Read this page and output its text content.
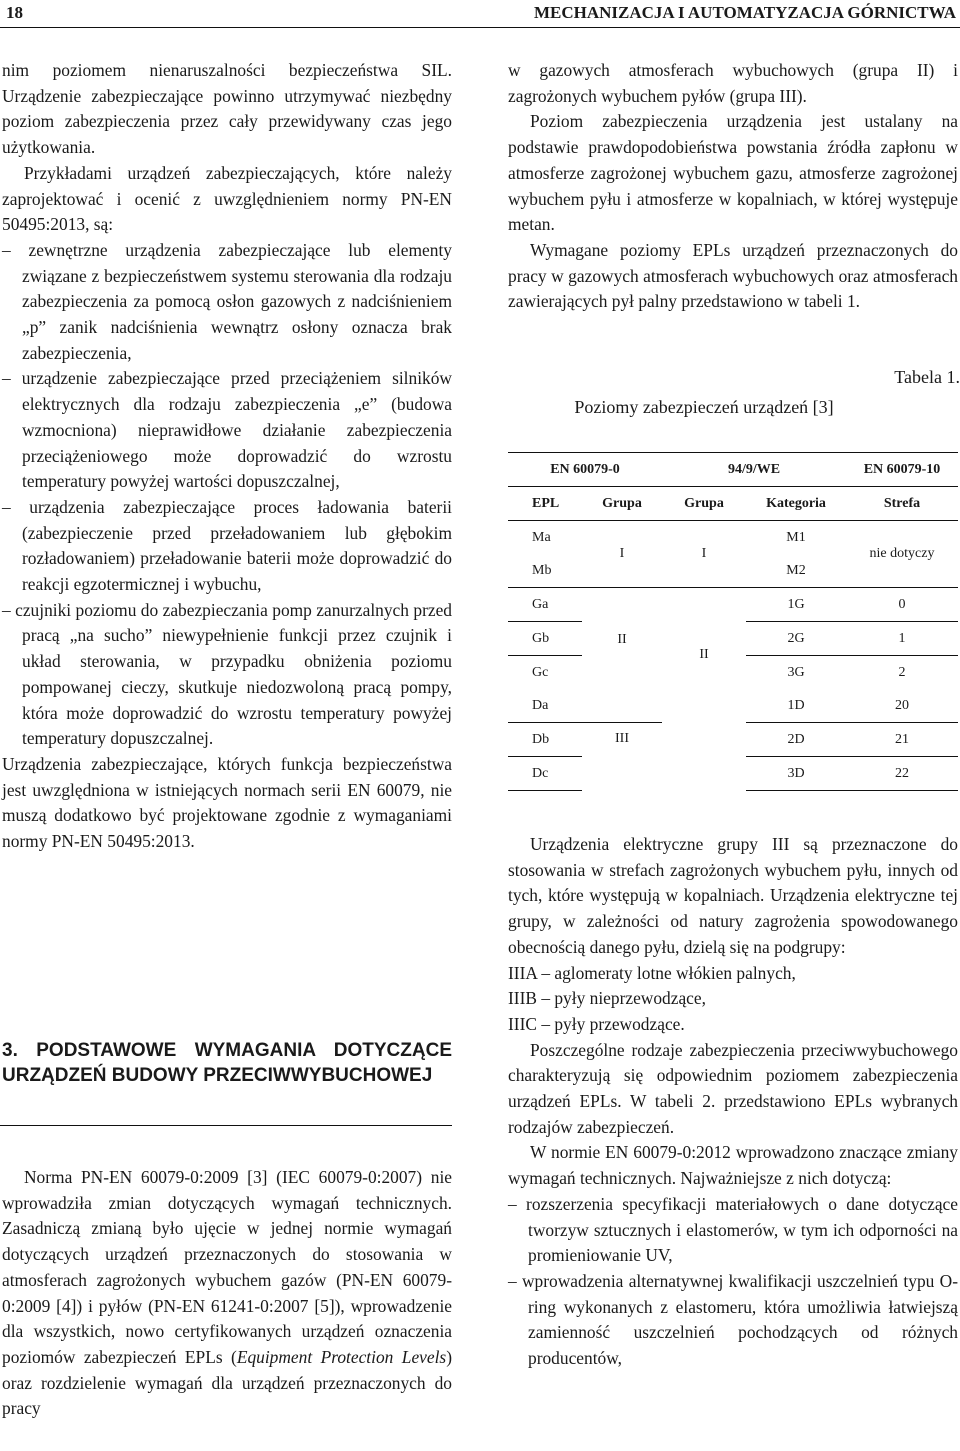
18	MECHANIZACJA I AUTOMATYZACJA GÓRNICTWA

nim poziomem nienaruszalności bezpieczeństwa SIL. Urządzenie zabezpieczające powinno utrzymywać niezbędny poziom zabezpieczenia przez cały przewidywany czas jego użytkowania.

Przykładami urządzeń zabezpieczających, które należy zaprojektować i ocenić z uwzględnieniem normy PN-EN 50495:2013, są:

– zewnętrzne urządzenia zabezpieczające lub elementy związane z bezpieczeństwem systemu sterowania dla rodzaju zabezpieczenia za pomocą osłon gazowych z nadciśnieniem „p” zanik nadciśnienia wewnątrz osłony oznacza brak zabezpieczenia,

– urządzenie zabezpieczające przed przeciążeniem silników elektrycznych dla rodzaju zabezpieczenia „e” (budowa wzmocniona) nieprawidłowe działanie zabezpieczenia przeciążeniowego może doprowadzić do wzrostu temperatury powyżej wartości dopuszczalnej,

– urządzenia zabezpieczające proces ładowania baterii (zabezpieczenie przed przeładowaniem lub głębokim rozładowaniem) przeładowanie baterii może doprowadzić do reakcji egzotermicznej i wybuchu,

– czujniki poziomu do zabezpieczania pomp zanurzalnych przed pracą „na sucho” niewypełnienie funkcji przez czujnik i układ sterowania, w przypadku obniżenia poziomu pompowanej cieczy, skutkuje niedozwoloną pracą pompy, która może doprowadzić do wzrostu temperatury powyżej temperatury dopuszczalnej.

Urządzenia zabezpieczające, których funkcja bezpieczeństwa jest uwzględniona w istniejących normach serii EN 60079, nie muszą dodatkowo być projektowane zgodnie z wymaganiami normy PN-EN 50495:2013.

3. PODSTAWOWE WYMAGANIA DOTYCZĄCE URZĄDZEŃ BUDOWY PRZECIWWYBUCHOWEJ

Norma PN-EN 60079-0:2009 [3] (IEC 60079-0:2007) nie wprowadziła zmian dotyczących wymagań technicznych. Zasadniczą zmianą było ujęcie w jednej normie wymagań dotyczących urządzeń przeznaczonych do stosowania w atmosferach zagrożonych wybuchem gazów (PN-EN 60079-0:2009 [4]) i pyłów (PN-EN 61241-0:2007 [5]), wprowadzenie dla wszystkich, nowo certyfikowanych urządzeń oznaczenia poziomów zabezpieczeń EPLs (Equipment Protection Levels) oraz rozdzielenie wymagań dla urządzeń przeznaczonych do pracy

w gazowych atmosferach wybuchowych (grupa II) i zagrożonych wybuchem pyłów (grupa III).

Poziom zabezpieczenia urządzenia jest ustalany na podstawie prawdopodobieństwa powstania źródła zapłonu w atmosferze zagrożonej wybuchem gazu, atmosferze zagrożonej wybuchem pyłu i atmosferze w kopalniach, w której występuje metan.

Wymagane poziomy EPLs urządzeń przeznaczonych do pracy w gazowych atmosferach wybuchowych oraz atmosferach zawierających pył palny przedstawiono w tabeli 1.

Tabela 1.
Poziomy zabezpieczeń urządzeń [3]
EN 60079-0		94/9/WE		EN 60079-10
EPL	Grupa	Grupa	Kategoria	Strefa
Ma	I	I	M1	nie dotyczy
Mb			M2	
Ga	II	II	1G	0
Gb			2G	1
Gc			3G	2
Da			1D	20
Db	III		2D	21
Dc			3D	22

Urządzenia elektryczne grupy III są przeznaczone do stosowania w strefach zagrożonych wybuchem pyłu, innych od tych, które występują w kopalniach. Urządzenia elektryczne tej grupy, w zależności od natury zagrożenia spowodowanego obecnością danego pyłu, dzielą się na podgrupy:

IIIA – aglomeraty lotne włókien palnych,

IIIB – pyły nieprzewodzące,

IIIC – pyły przewodzące.

Poszczególne rodzaje zabezpieczenia przeciwwybuchowego charakteryzują się odpowiednim poziomem zabezpieczenia urządzeń EPLs. W tabeli 2. przedstawiono EPLs wybranych rodzajów zabezpieczeń.

W normie EN 60079-0:2012 wprowadzono znaczące zmiany wymagań technicznych. Najważniejsze z nich dotyczą:

– rozszerzenia specyfikacji materiałowych o dane dotyczące tworzyw sztucznych i elastomerów, w tym ich odporności na promieniowanie UV,

– wprowadzenia alternatywnej kwalifikacji uszczelnień typu O-ring wykonanych z elastomeru, która umożliwia łatwiejszą zamienność uszczelnień pochodzących od różnych producentów,
